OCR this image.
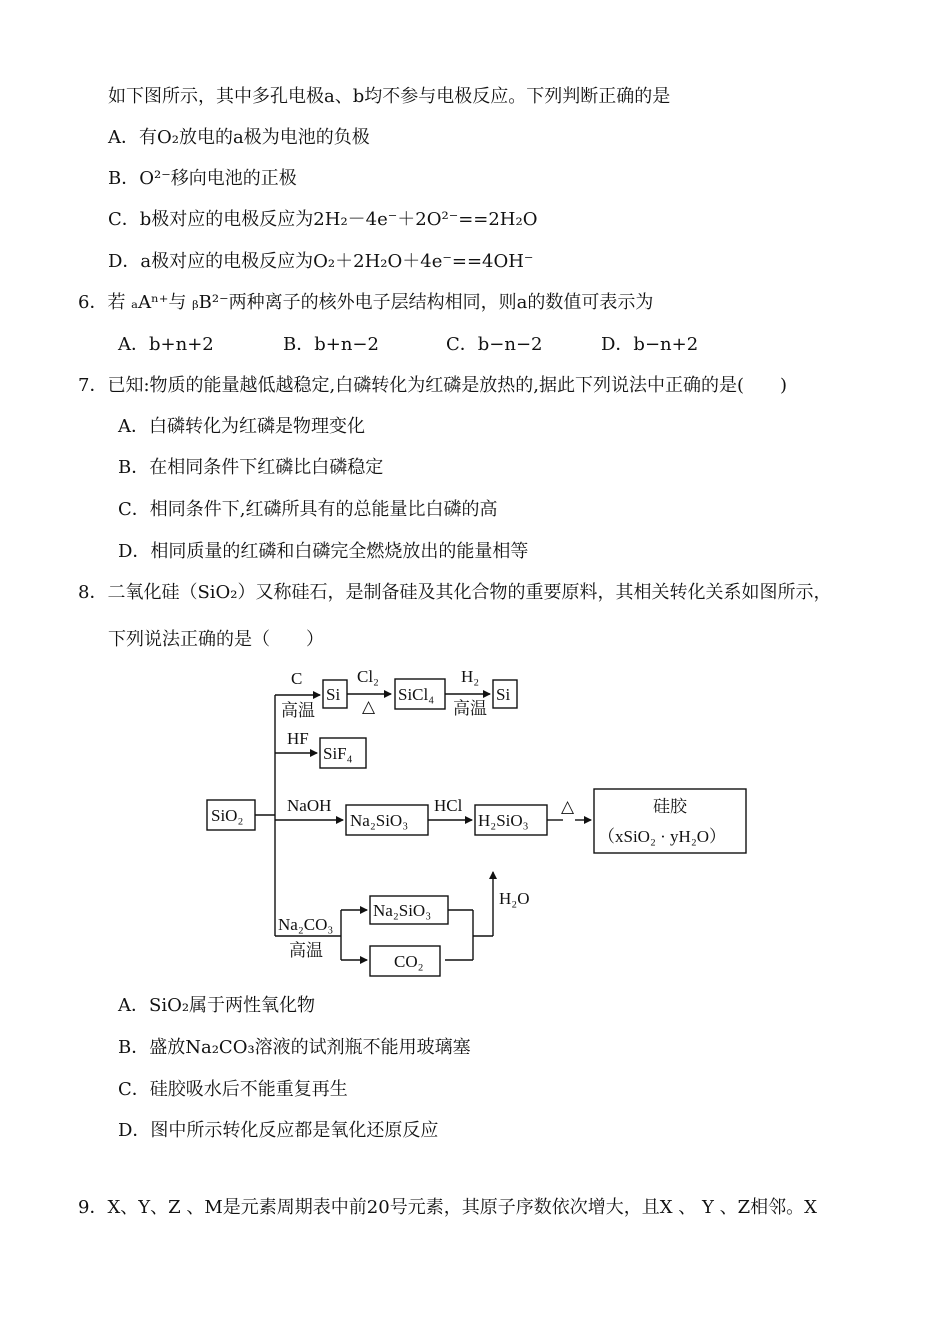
如下图所示，其中多孔电极a、b均不参与电极反应。下列判断正确的是
A．有O₂放电的a极为电池的负极
B．O²⁻移向电池的正极
C．b极对应的电极反应为2H₂－4e⁻＋2O²⁻==2H₂O
D．a极对应的电极反应为O₂＋2H₂O＋4e⁻==4OH⁻
6．若 ₐAⁿ⁺与 ᵦB²⁻两种离子的核外电子层结构相同，则a的数值可表示为
A．b+n+2	B．b+n−2	C．b−n−2	D．b−n+2
7．已知:物质的能量越低越稳定,白磷转化为红磷是放热的,据此下列说法中正确的是(　　)
A．白磷转化为红磷是物理变化
B．在相同条件下红磷比白磷稳定
C．相同条件下,红磷所具有的总能量比白磷的高
D．相同质量的红磷和白磷完全燃烧放出的能量相等
8．二氧化硅（SiO₂）又称硅石，是制备硅及其化合物的重要原料，其相关转化关系如图所示，
下列说法正确的是（　　）
SiO₂
C
高温
Si
Cl₂
△
SiCl₄
H₂
高温
Si
HF
SiF₄
NaOH
Na₂SiO₃
HCl
H₂SiO₃
△	硅胶
（xSiO₂ · yH₂O）
Na₂CO₃
高温
Na₂SiO₃
CO₂
H₂O
A．SiO₂属于两性氧化物
B．盛放Na₂CO₃溶液的试剂瓶不能用玻璃塞
C．硅胶吸水后不能重复再生
D．图中所示转化反应都是氧化还原反应
9．X、Y、Z 、M是元素周期表中前20号元素，其原子序数依次增大，且X 、 Y 、Z相邻。X
